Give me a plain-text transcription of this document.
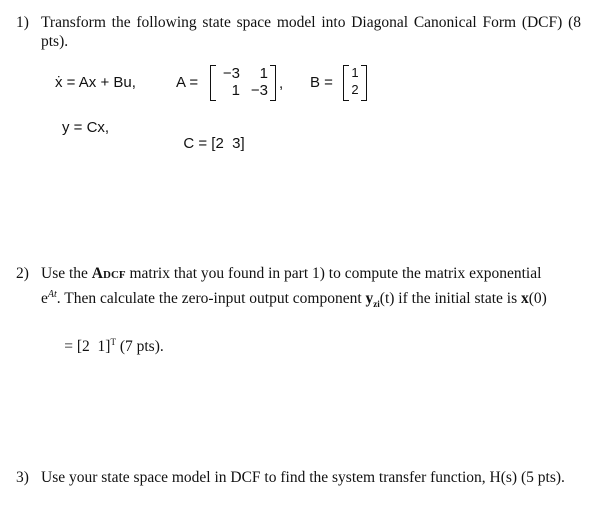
1) Transform the following state space model into Diagonal Canonical Form (DCF) (8 pts).
ẋ = Ax + Bu,	A =
−3	1
1 −3 , B =
1
2
y = Cx,

C = [2  3]

2) Use the ADCF matrix that you found in part 1) to compute the matrix exponential
$e^{At}$. Then calculate the zero-input output component $y_{zi}(t)$ if the initial state is x(0)

= [2  1]$^T$ (7 pts).

3) Use your state space model in DCF to find the system transfer function, H(s) (5 pts).
